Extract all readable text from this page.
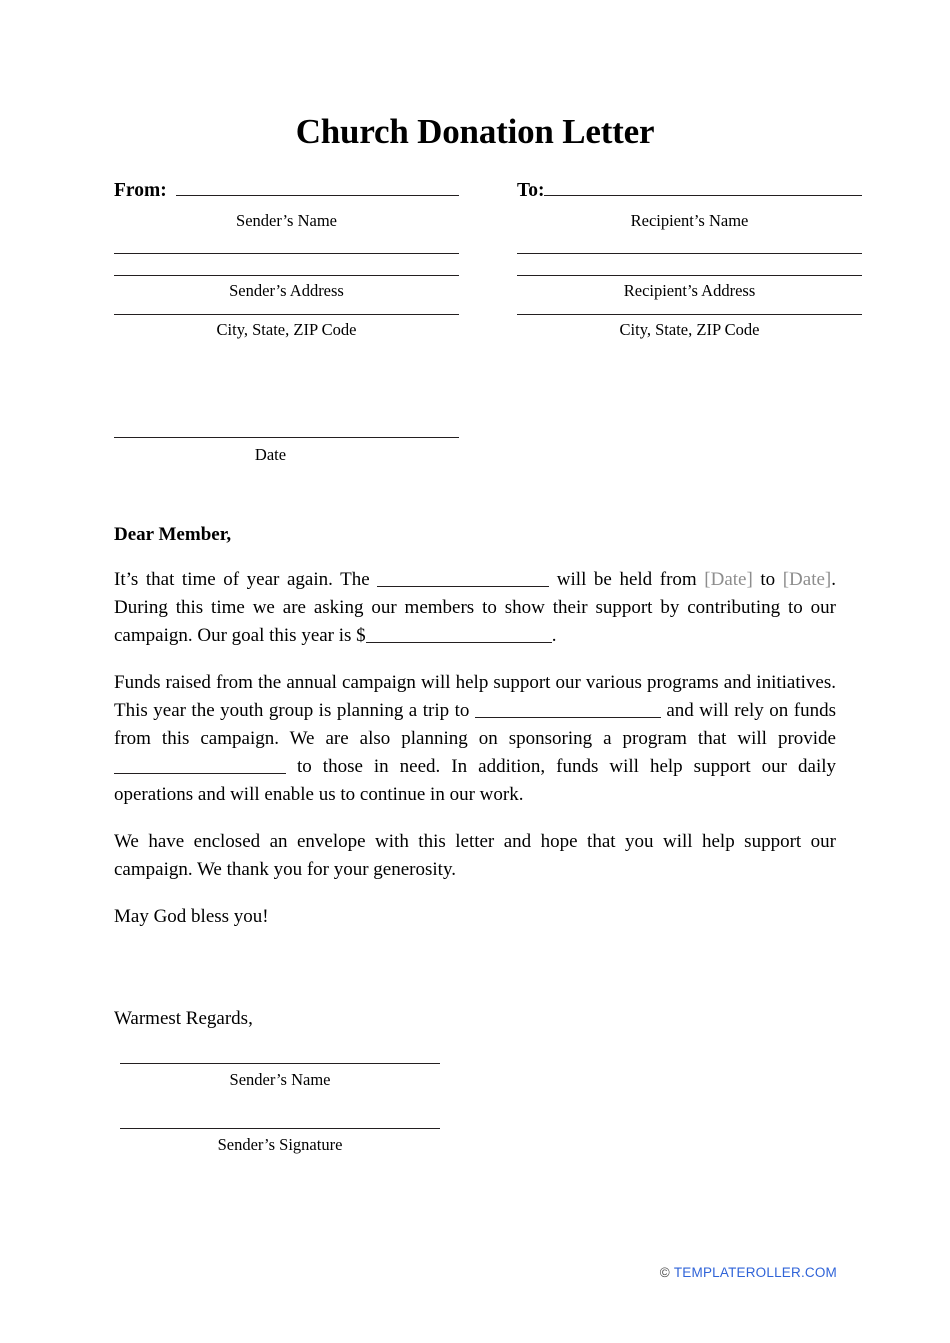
Church Donation Letter
From:
Sender’s Name
Sender’s Address
City, State, ZIP Code
To:
Recipient’s Name
Recipient’s Address
City, State, ZIP Code
Date
Dear Member,

It’s that time of year again. The	will be held from [Date] to [Date]. During this time we are asking our members to show their support by contributing to our campaign. Our goal this year is $	.

Funds raised from the annual campaign will help support our various programs and initiatives. This year the youth group is planning a trip to	and will rely on funds from this campaign. We are also planning on sponsoring a program that will provide  to those in need. In addition, funds will help support our daily operations and will enable us to continue in our work.

We have enclosed an envelope with this letter and hope that you will help support our campaign. We thank you for your generosity.

May God bless you!

Warmest Regards,
Sender’s Name
Sender’s Signature
© TEMPLATEROLLER.COM
